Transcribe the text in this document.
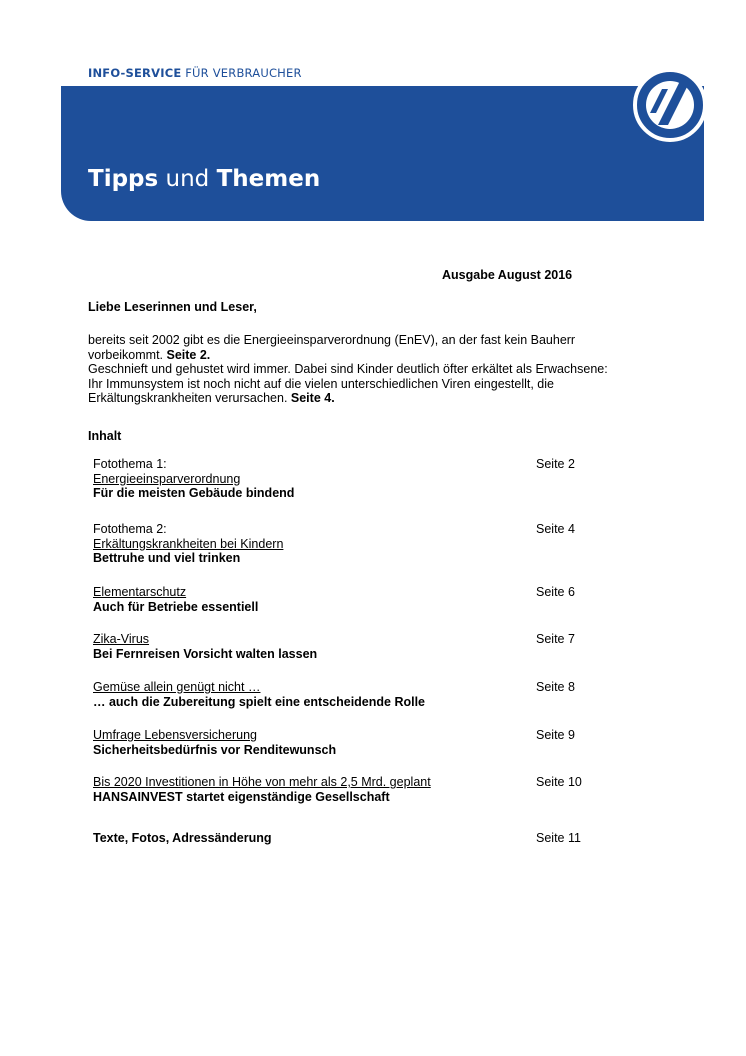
INFO-SERVICE FÜR VERBRAUCHER
Tipps und Themen
Ausgabe August 2016
Liebe Leserinnen und Leser,

bereits seit 2002 gibt es die Energieeinsparverordnung (EnEV), an der fast kein Bauherr vorbeikommt. Seite 2.

Geschnieft und gehustet wird immer. Dabei sind Kinder deutlich öfter erkältet als Erwachsene: Ihr Immunsystem ist noch nicht auf die vielen unterschiedlichen Viren eingestellt, die Erkältungskrankheiten verursachen. Seite 4.

Inhalt
Fotothema 1:
Energieeinsparverordnung
Für die meisten Gebäude bindend
Seite 2
Fotothema 2:
Erkältungskrankheiten bei Kindern
Bettruhe und viel trinken
Seite 4
Elementarschutz
Auch für Betriebe essentiell
Seite 6
Zika-Virus
Bei Fernreisen Vorsicht walten lassen
Seite 7
Gemüse allein genügt nicht …
… auch die Zubereitung spielt eine entscheidende Rolle
Seite 8
Umfrage Lebensversicherung
Sicherheitsbedürfnis vor Renditewunsch
Seite 9
Bis 2020 Investitionen in Höhe von mehr als 2,5 Mrd. geplant
HANSAINVEST startet eigenständige Gesellschaft
Seite 10
Texte, Fotos, Adressänderung	Seite 11
